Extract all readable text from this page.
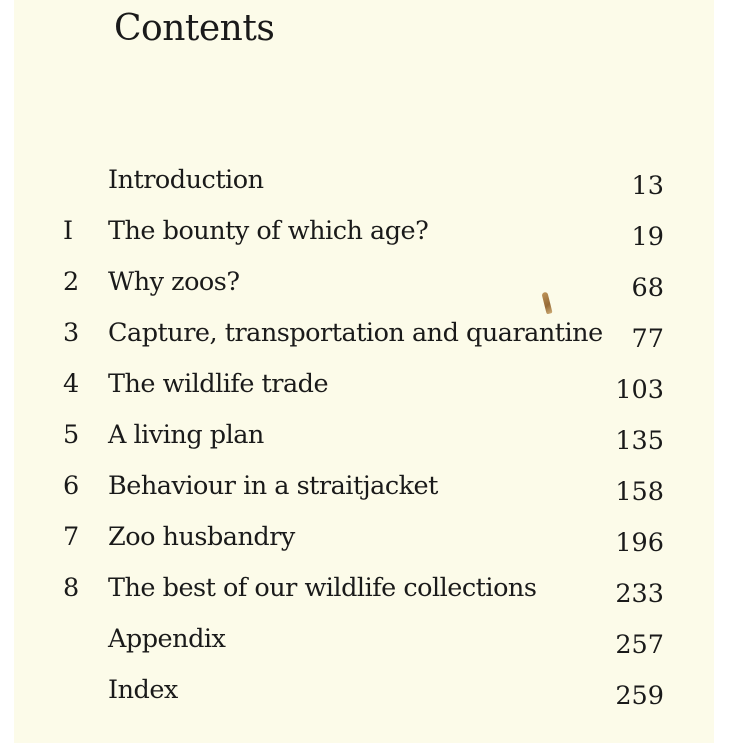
Contents
Introduction	13
I	The bounty of which age?	19
2 Why zoos?	68
3 Capture, transportation and quarantine 77
4 The wildlife trade	103
5 A living plan	135
6 Behaviour in a straitjacket	158
7 Zoo husbandry	196
8 The best of our wildlife collections	233
Appendix	257
Index	259
